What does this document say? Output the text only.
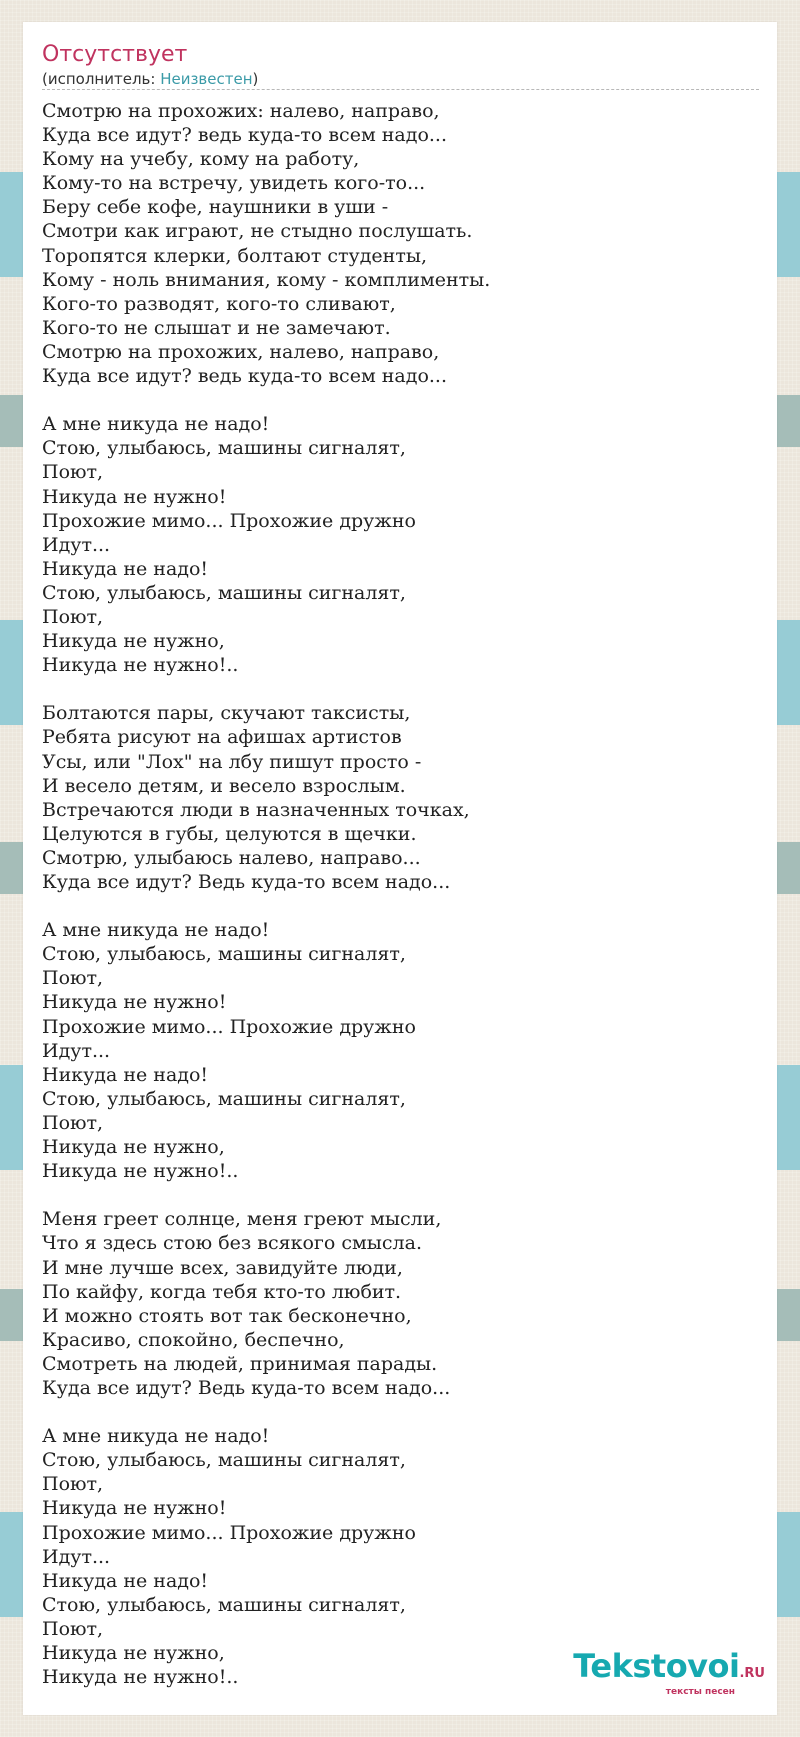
Отсутствует
(исполнитель: Неизвестен)
Смотрю на прохожих: налево, направо,
Куда все идут? ведь куда-то всем надо...
Кому на учебу, кому на работу,
Кому-то на встречу, увидеть кого-то...
Беру себе кофе, наушники в уши -
Смотри как играют, не стыдно послушать.
Торопятся клерки, болтают студенты,
Кому - ноль внимания, кому - комплименты.
Кого-то разводят, кого-то сливают,
Кого-то не слышат и не замечают.
Смотрю на прохожих, налево, направо,
Куда все идут? ведь куда-то всем надо...
А мне никуда не надо!
Стою, улыбаюсь, машины сигналят,
Поют,
Никуда не нужно!
Прохожие мимо... Прохожие дружно
Идут...
Никуда не надо!
Стою, улыбаюсь, машины сигналят,
Поют,
Никуда не нужно,
Никуда не нужно!..
Болтаются пары, скучают таксисты,
Ребята рисуют на афишах артистов
Усы, или "Лох" на лбу пишут просто -
И весело детям, и весело взрослым.
Встречаются люди в назначенных точках,
Целуются в губы, целуются в щечки.
Смотрю, улыбаюсь налево, направо...
Куда все идут? Ведь куда-то всем надо...
А мне никуда не надо!
Стою, улыбаюсь, машины сигналят,
Поют,
Никуда не нужно!
Прохожие мимо... Прохожие дружно
Идут...
Никуда не надо!
Стою, улыбаюсь, машины сигналят,
Поют,
Никуда не нужно,
Никуда не нужно!..
Меня греет солнце, меня греют мысли,
Что я здесь стою без всякого смысла.
И мне лучше всех, завидуйте люди,
По кайфу, когда тебя кто-то любит.
И можно стоять вот так бесконечно,
Красиво, спокойно, беспечно,
Смотреть на людей, принимая парады.
Куда все идут? Ведь куда-то всем надо...
А мне никуда не надо!
Стою, улыбаюсь, машины сигналят,
Поют,
Никуда не нужно!
Прохожие мимо... Прохожие дружно
Идут...
Никуда не надо!
Стою, улыбаюсь, машины сигналят,
Поют,
Никуда не нужно,
Никуда не нужно!..	Tekstovoi.RU
тексты песен
